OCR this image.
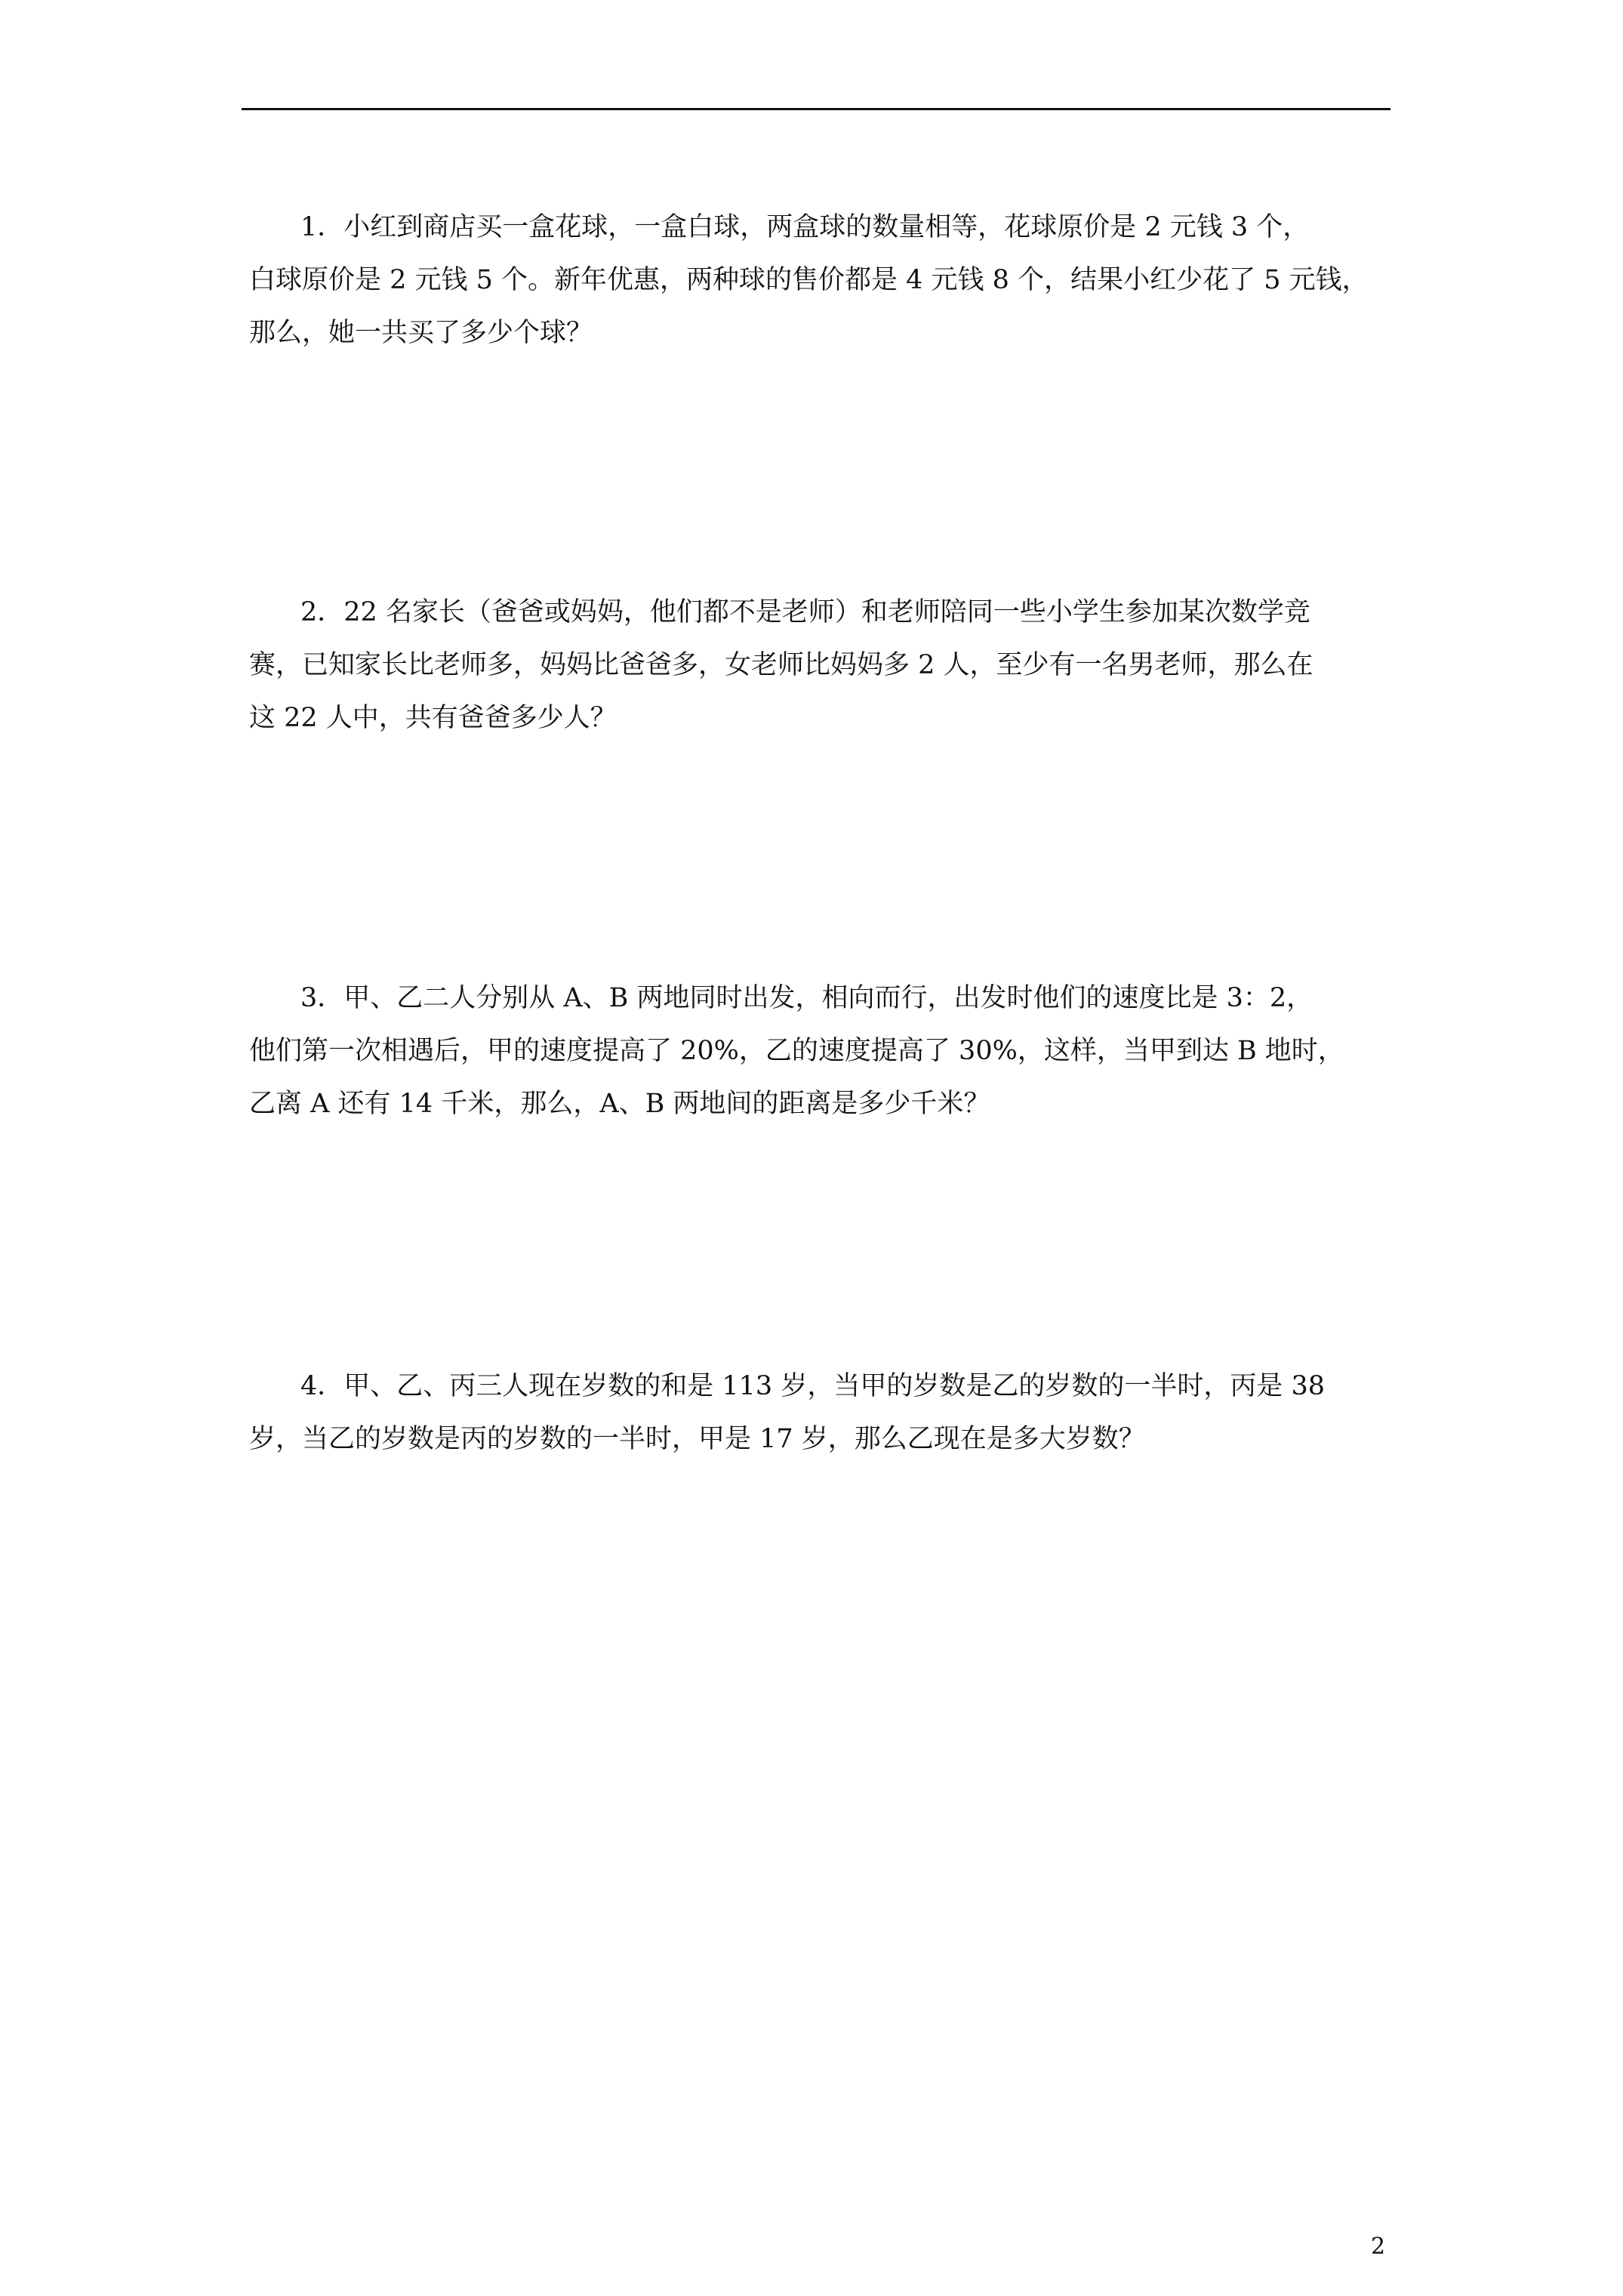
1．小红到商店买一盒花球，一盒白球，两盒球的数量相等，花球原价是 2 元钱 3 个，
白球原价是 2 元钱 5 个。新年优惠，两种球的售价都是 4 元钱 8 个，结果小红少花了 5 元钱，
那么，她一共买了多少个球？

2．22 名家长（爸爸或妈妈，他们都不是老师）和老师陪同一些小学生参加某次数学竞
赛，已知家长比老师多，妈妈比爸爸多，女老师比妈妈多 2 人，至少有一名男老师，那么在
这 22 人中，共有爸爸多少人？

3．甲、乙二人分别从 A、B 两地同时出发，相向而行，出发时他们的速度比是 3：2，
他们第一次相遇后，甲的速度提高了 20%，乙的速度提高了 30%，这样，当甲到达 B 地时，
乙离 A 还有 14 千米，那么，A、B 两地间的距离是多少千米？

4．甲、乙、丙三人现在岁数的和是 113 岁，当甲的岁数是乙的岁数的一半时，丙是 38
岁，当乙的岁数是丙的岁数的一半时，甲是 17 岁，那么乙现在是多大岁数？

2
